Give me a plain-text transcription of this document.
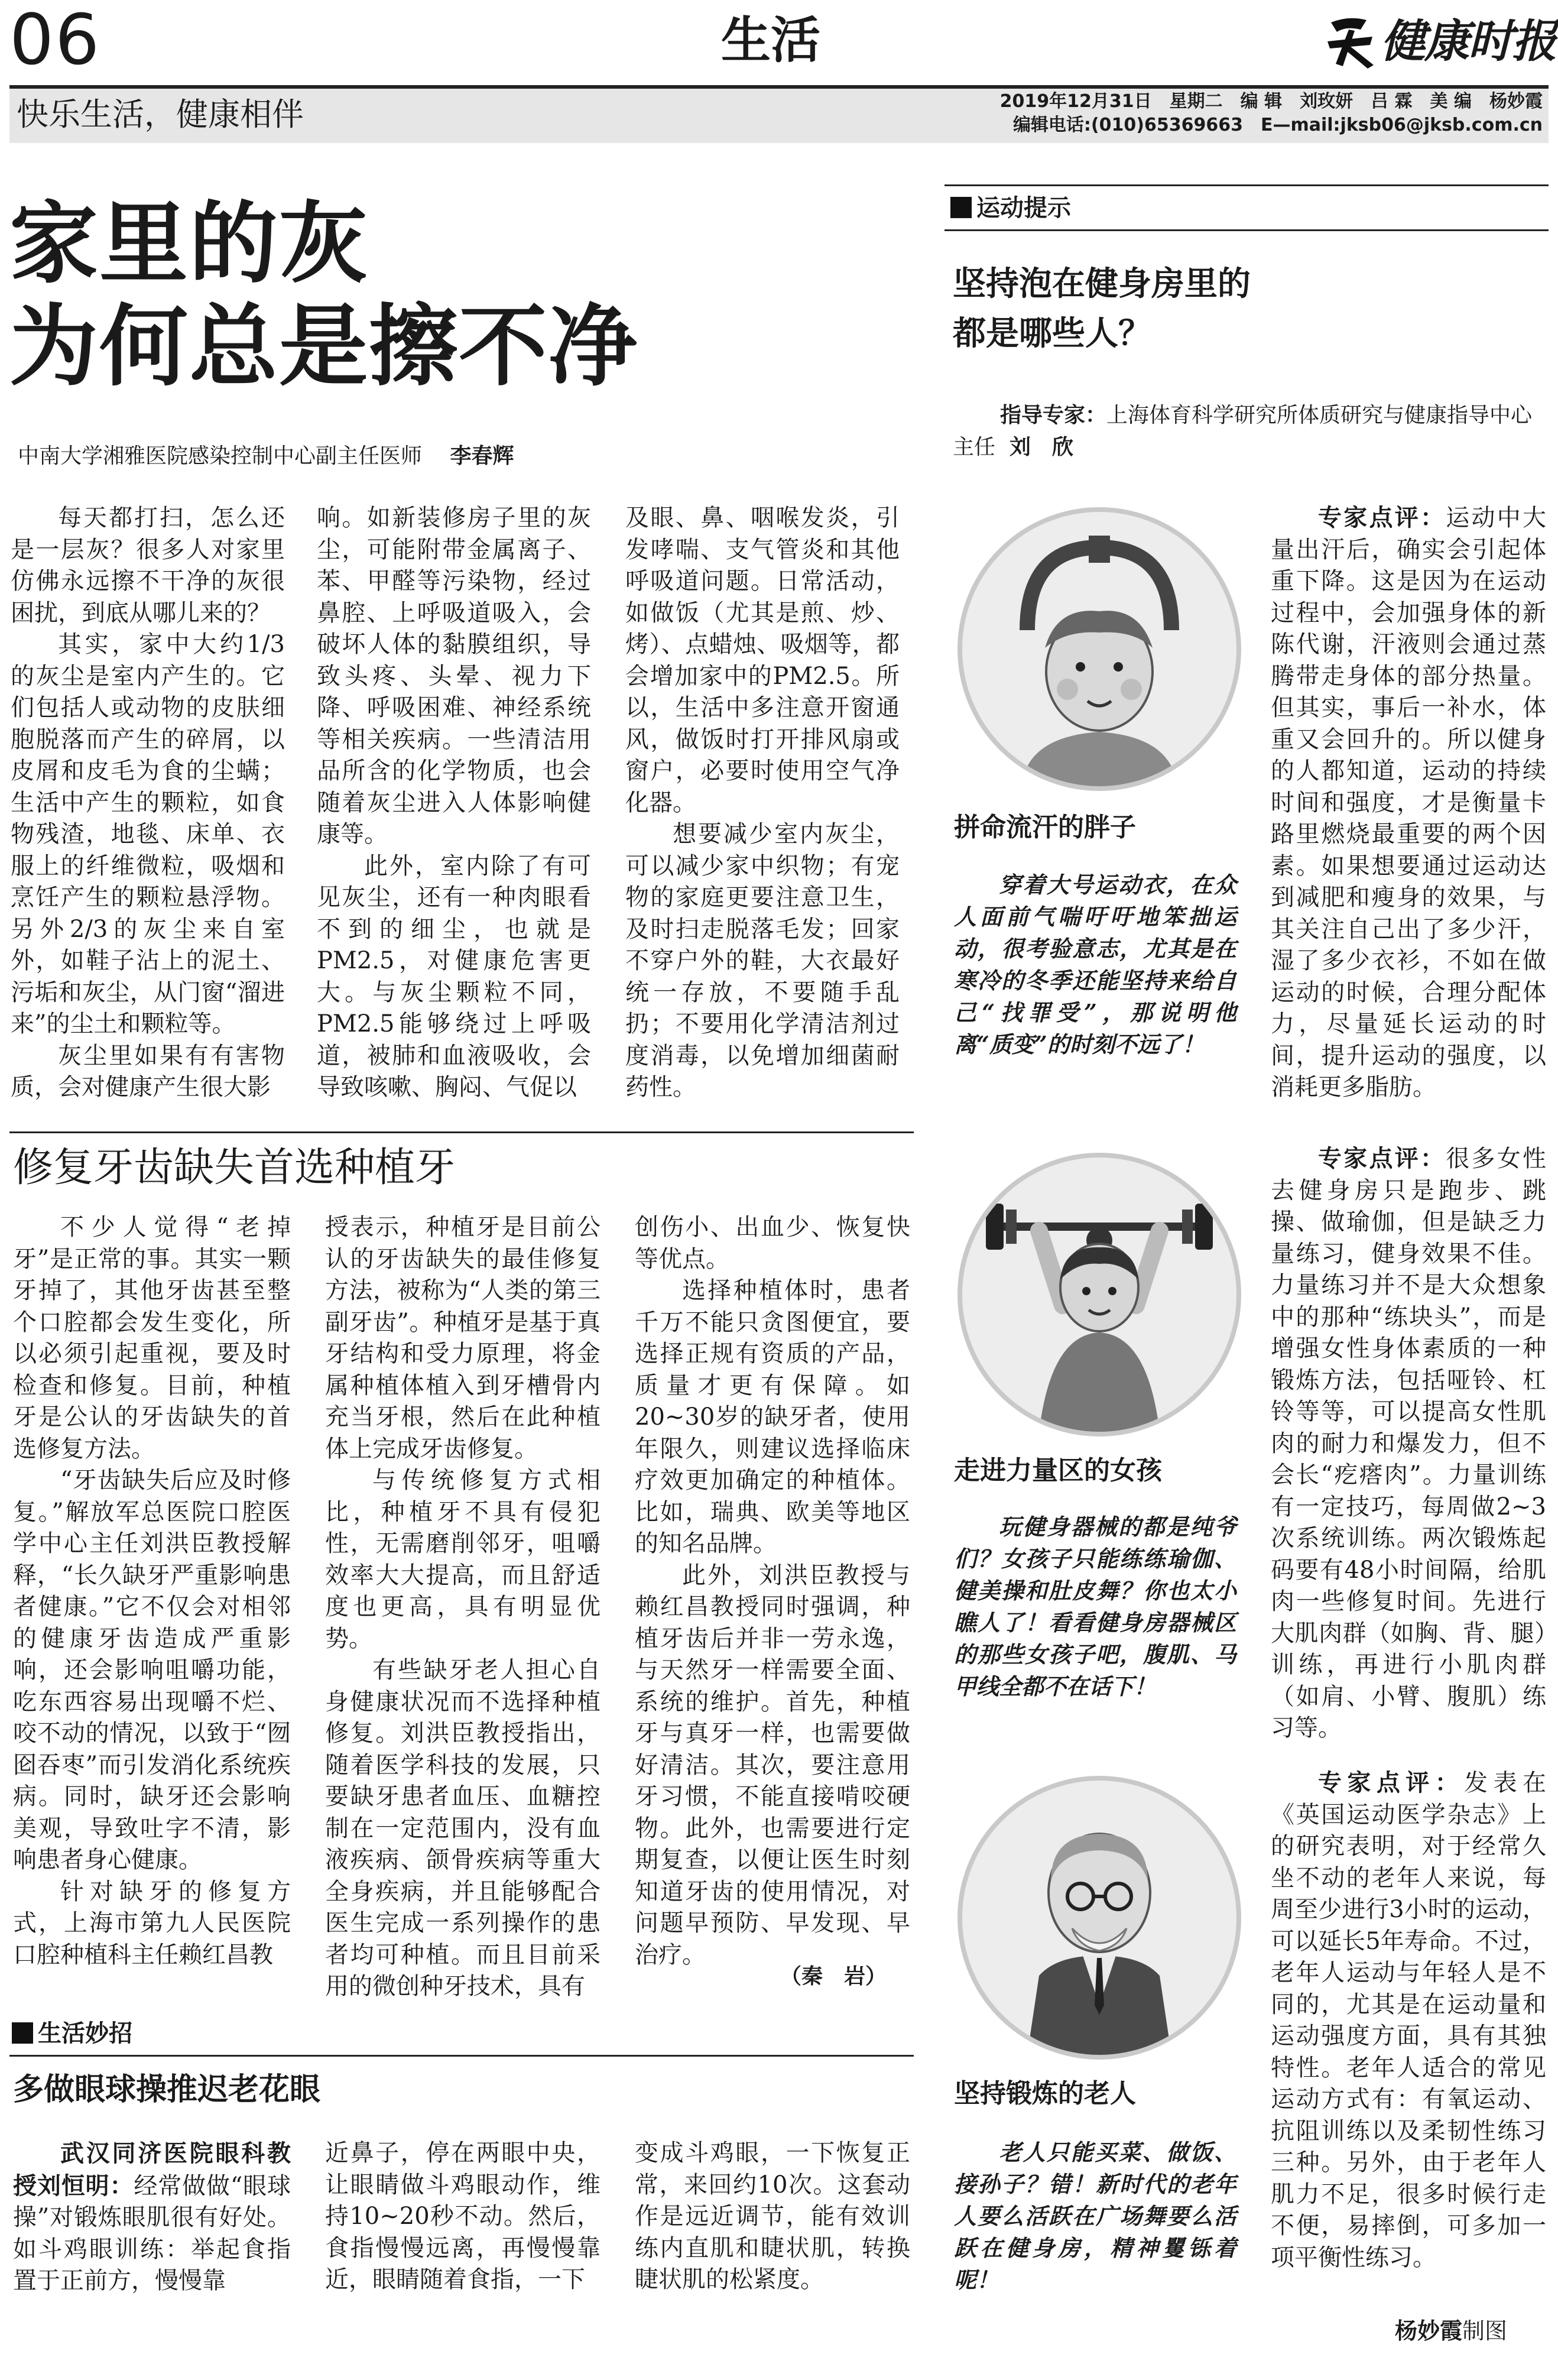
06	生活	健康时报
快乐生活，健康相伴	2019年12月31日　星期二　编 辑　刘玫妍　吕 霖　美 编　杨妙霞
编辑电话:(010)65369663　E—mail:jksb06@jksb.com.cn
家里的灰
为何总是擦不净
中南大学湘雅医院感染控制中心副主任医师 李春辉

每天都打扫，怎么还是一层灰？很多人对家里仿佛永远擦不干净的灰很困扰，到底从哪儿来的？

其实，家中大约1/3的灰尘是室内产生的。它们包括人或动物的皮肤细胞脱落而产生的碎屑，以皮屑和皮毛为食的尘螨；生活中产生的颗粒，如食物残渣，地毯、床单、衣服上的纤维微粒，吸烟和烹饪产生的颗粒悬浮物。另外2/3的灰尘来自室外，如鞋子沾上的泥土、污垢和灰尘，从门窗“溜进来”的尘土和颗粒等。

灰尘里如果有有害物质，会对健康产生很大影

响。如新装修房子里的灰尘，可能附带金属离子、苯、甲醛等污染物，经过鼻腔、上呼吸道吸入，会破坏人体的黏膜组织，导致头疼、头晕、视力下降、呼吸困难、神经系统等相关疾病。一些清洁用品所含的化学物质，也会随着灰尘进入人体影响健康等。

此外，室内除了有可见灰尘，还有一种肉眼看不到的细尘，也就是PM2.5，对健康危害更大。与灰尘颗粒不同，PM2.5能够绕过上呼吸道，被肺和血液吸收，会导致咳嗽、胸闷、气促以

及眼、鼻、咽喉发炎，引发哮喘、支气管炎和其他呼吸道问题。日常活动，如做饭（尤其是煎、炒、烤）、点蜡烛、吸烟等，都会增加家中的PM2.5。所以，生活中多注意开窗通风，做饭时打开排风扇或窗户，必要时使用空气净化器。

想要减少室内灰尘，可以减少家中织物；有宠物的家庭更要注意卫生，及时扫走脱落毛发；回家不穿户外的鞋，大衣最好统一存放，不要随手乱扔；不要用化学清洁剂过度消毒，以免增加细菌耐药性。

修复牙齿缺失首选种植牙

不少人觉得“老掉牙”是正常的事。其实一颗牙掉了，其他牙齿甚至整个口腔都会发生变化，所以必须引起重视，要及时检查和修复。目前，种植牙是公认的牙齿缺失的首选修复方法。

“牙齿缺失后应及时修复。”解放军总医院口腔医学中心主任刘洪臣教授解释，“长久缺牙严重影响患者健康。”它不仅会对相邻的健康牙齿造成严重影响，还会影响咀嚼功能，吃东西容易出现嚼不烂、咬不动的情况，以致于“囫囵吞枣”而引发消化系统疾病。同时，缺牙还会影响美观，导致吐字不清，影响患者身心健康。

针对缺牙的修复方式，上海市第九人民医院口腔种植科主任赖红昌教

授表示，种植牙是目前公认的牙齿缺失的最佳修复方法，被称为“人类的第三副牙齿”。种植牙是基于真牙结构和受力原理，将金属种植体植入到牙槽骨内充当牙根，然后在此种植体上完成牙齿修复。

与传统修复方式相比，种植牙不具有侵犯性，无需磨削邻牙，咀嚼效率大大提高，而且舒适度也更高，具有明显优势。

有些缺牙老人担心自身健康状况而不选择种植修复。刘洪臣教授指出，随着医学科技的发展，只要缺牙患者血压、血糖控制在一定范围内，没有血液疾病、颌骨疾病等重大全身疾病，并且能够配合医生完成一系列操作的患者均可种植。而且目前采用的微创种牙技术，具有

创伤小、出血少、恢复快等优点。

选择种植体时，患者千万不能只贪图便宜，要选择正规有资质的产品，质量才更有保障。如20~30岁的缺牙者，使用年限久，则建议选择临床疗效更加确定的种植体。比如，瑞典、欧美等地区的知名品牌。

此外，刘洪臣教授与赖红昌教授同时强调，种植牙齿后并非一劳永逸，与天然牙一样需要全面、系统的维护。首先，种植牙与真牙一样，也需要做好清洁。其次，要注意用牙习惯，不能直接啃咬硬物。此外，也需要进行定期复查，以便让医生时刻知道牙齿的使用情况，对问题早预防、早发现、早治疗。

（秦　岩）
生活妙招
多做眼球操推迟老花眼

武汉同济医院眼科教授刘恒明：经常做做“眼球操”对锻炼眼肌很有好处。如斗鸡眼训练：举起食指置于正前方，慢慢靠

近鼻子，停在两眼中央，让眼睛做斗鸡眼动作，维持10~20秒不动。然后，食指慢慢远离，再慢慢靠近，眼睛随着食指，一下

变成斗鸡眼，一下恢复正常，来回约10次。这套动作是远近调节，能有效训练内直肌和睫状肌，转换睫状肌的松紧度。

运动提示
坚持泡在健身房里的
都是哪些人？
指导专家：上海体育科学研究所体质研究与健康指导中心主任 刘　欣
拼命流汗的胖子
穿着大号运动衣，在众人面前气喘吁吁地笨拙运动，很考验意志，尤其是在寒冷的冬季还能坚持来给自己“找罪受”，那说明他离“质变”的时刻不远了！

专家点评：运动中大量出汗后，确实会引起体重下降。这是因为在运动过程中，会加强身体的新陈代谢，汗液则会通过蒸腾带走身体的部分热量。但其实，事后一补水，体重又会回升的。所以健身的人都知道，运动的持续时间和强度，才是衡量卡路里燃烧最重要的两个因素。如果想要通过运动达到减肥和瘦身的效果，与其关注自己出了多少汗，湿了多少衣衫，不如在做运动的时候，合理分配体力，尽量延长运动的时间，提升运动的强度，以消耗更多脂肪。

走进力量区的女孩
玩健身器械的都是纯爷们？女孩子只能练练瑜伽、健美操和肚皮舞？你也太小瞧人了！看看健身房器械区的那些女孩子吧，腹肌、马甲线全都不在话下！

专家点评：很多女性去健身房只是跑步、跳操、做瑜伽，但是缺乏力量练习，健身效果不佳。力量练习并不是大众想象中的那种“练块头”，而是增强女性身体素质的一种锻炼方法，包括哑铃、杠铃等等，可以提高女性肌肉的耐力和爆发力，但不会长“疙瘩肉”。力量训练有一定技巧，每周做2~3次系统训练。两次锻炼起码要有48小时间隔，给肌肉一些修复时间。先进行大肌肉群（如胸、背、腿）训练，再进行小肌肉群（如肩、小臂、腹肌）练习等。

坚持锻炼的老人
老人只能买菜、做饭、接孙子？错！新时代的老年人要么活跃在广场舞要么活跃在健身房，精神矍铄着呢！

专家点评：发表在《英国运动医学杂志》上的研究表明，对于经常久坐不动的老年人来说，每周至少进行3小时的运动，可以延长5年寿命。不过，老年人运动与年轻人是不同的，尤其是在运动量和运动强度方面，具有其独特性。老年人适合的常见运动方式有：有氧运动、抗阻训练以及柔韧性练习三种。另外，由于老年人肌力不足，很多时候行走不便，易摔倒，可多加一项平衡性练习。

杨妙霞制图
